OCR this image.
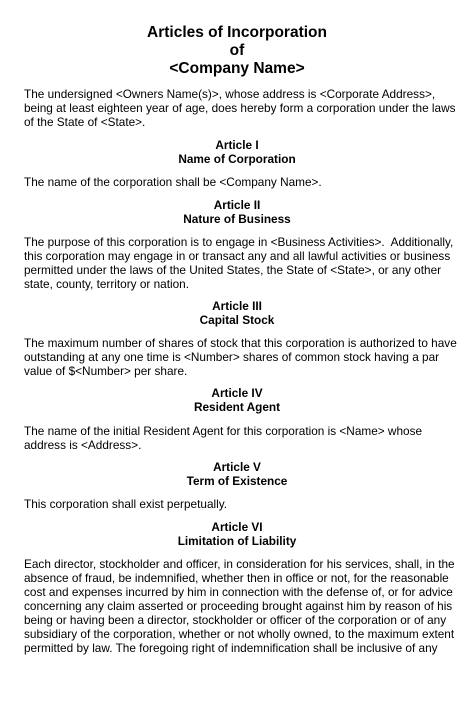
Articles of Incorporation
of
<Company Name>
The undersigned <Owners Name(s)>, whose address is <Corporate Address>,
being at least eighteen year of age, does hereby form a corporation under the laws
of the State of <State>.
Article I
Name of Corporation
The name of the corporation shall be <Company Name>.
Article II
Nature of Business
The purpose of this corporation is to engage in <Business Activities>.  Additionally,
this corporation may engage in or transact any and all lawful activities or business
permitted under the laws of the United States, the State of <State>, or any other
state, county, territory or nation.
Article III
Capital Stock
The maximum number of shares of stock that this corporation is authorized to have
outstanding at any one time is <Number> shares of common stock having a par
value of $<Number> per share.
Article IV
Resident Agent
The name of the initial Resident Agent for this corporation is <Name> whose
address is <Address>.
Article V
Term of Existence
This corporation shall exist perpetually.
Article VI
Limitation of Liability
Each director, stockholder and officer, in consideration for his services, shall, in the
absence of fraud, be indemnified, whether then in office or not, for the reasonable
cost and expenses incurred by him in connection with the defense of, or for advice
concerning any claim asserted or proceeding brought against him by reason of his
being or having been a director, stockholder or officer of the corporation or of any
subsidiary of the corporation, whether or not wholly owned, to the maximum extent
permitted by law. The foregoing right of indemnification shall be inclusive of any
